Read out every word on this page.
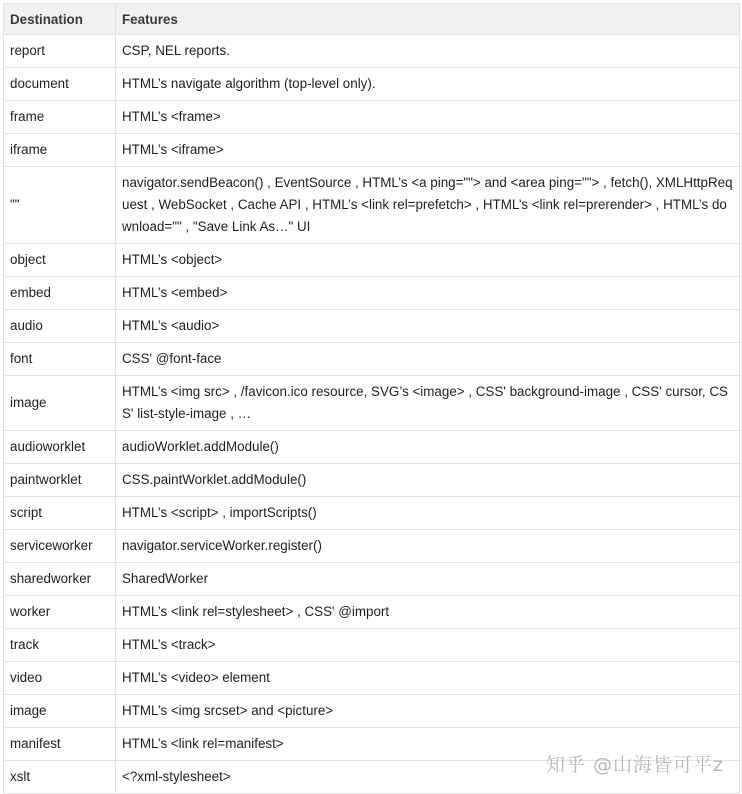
Destination	Features
report	CSP, NEL reports.
document	HTML’s navigate algorithm (top-level only).
frame	HTML’s <frame>
iframe	HTML’s <iframe>
""	navigator.sendBeacon() , EventSource , HTML’s <a ping=""> and <area ping=""> , fetch(), XMLHttpRequest , WebSocket , Cache API , HTML’s <link rel=prefetch> , HTML’s <link rel=prerender> , HTML’s download="" , "Save Link As…" UI
object	HTML’s <object>
embed	HTML’s <embed>
audio	HTML’s <audio>
font	CSS' @font-face
image	HTML’s <img src> , /favicon.ico resource, SVG’s <image> , CSS' background-image , CSS' cursor, CSS' list-style-image , …
audioworklet	audioWorklet.addModule()
paintworklet	CSS.paintWorklet.addModule()
script	HTML’s <script> , importScripts()
serviceworker	navigator.serviceWorker.register()
sharedworker	SharedWorker
worker	HTML’s <link rel=stylesheet> , CSS' @import
track	HTML’s <track>
video	HTML’s <video> element
image	HTML’s <img srcset> and <picture>
manifest	HTML’s <link rel=manifest>
xslt	<?xml-stylesheet>
知乎 @山海皆可平z
